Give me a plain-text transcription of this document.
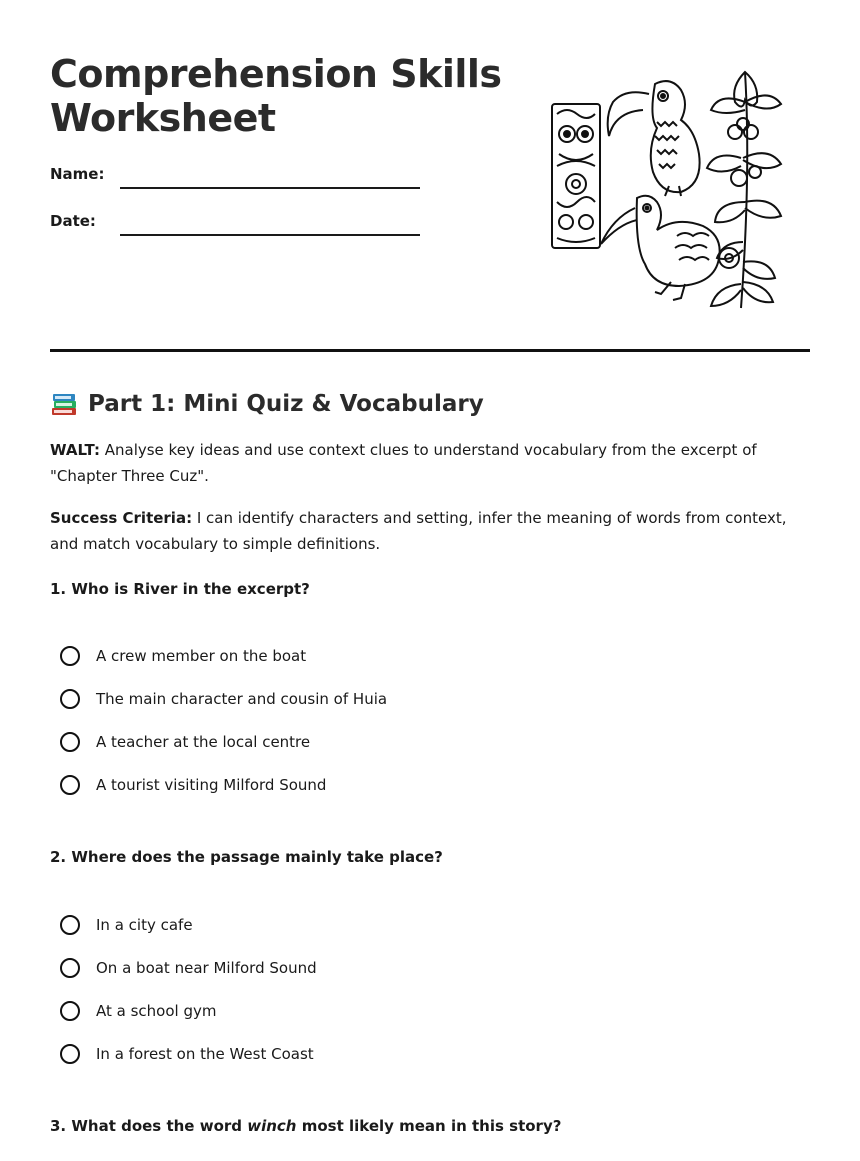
Comprehension Skills
Worksheet
Name:
Date:
Part 1: Mini Quiz & Vocabulary

WALT: Analyse key ideas and use context clues to understand vocabulary from the excerpt of "Chapter Three Cuz".

Success Criteria: I can identify characters and setting, infer the meaning of words from context, and match vocabulary to simple definitions.

1. Who is River in the excerpt?

A crew member on the boat
The main character and cousin of Huia
A teacher at the local centre
A tourist visiting Milford Sound

2. Where does the passage mainly take place?

In a city cafe
On a boat near Milford Sound
At a school gym
In a forest on the West Coast

3. What does the word winch most likely mean in this story?
